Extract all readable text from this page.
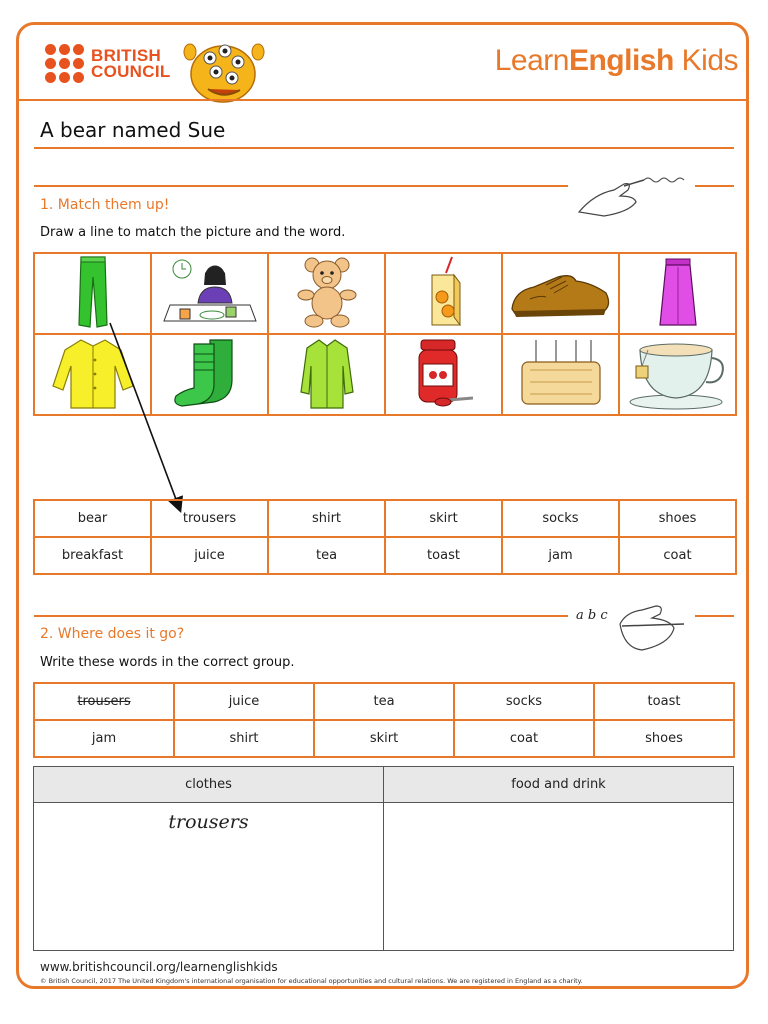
BRITISH
COUNCIL	LearnEnglish Kids
A bear named Sue
1. Match them up!
Draw a line to match the picture and the word.

bear	trousers	shirt	skirt	socks	shoes
breakfast	juice	tea	toast	jam	coat
a b c
2. Where does it go?
Write these words in the correct group.
trousers	juice	tea	socks	toast
jam	shirt	skirt	coat	shoes
clothes	food and drink

trousers	

www.britishcouncil.org/learnenglishkids
© British Council, 2017 The United Kingdom's international organisation for educational opportunities and cultural relations. We are registered in England as a charity.
